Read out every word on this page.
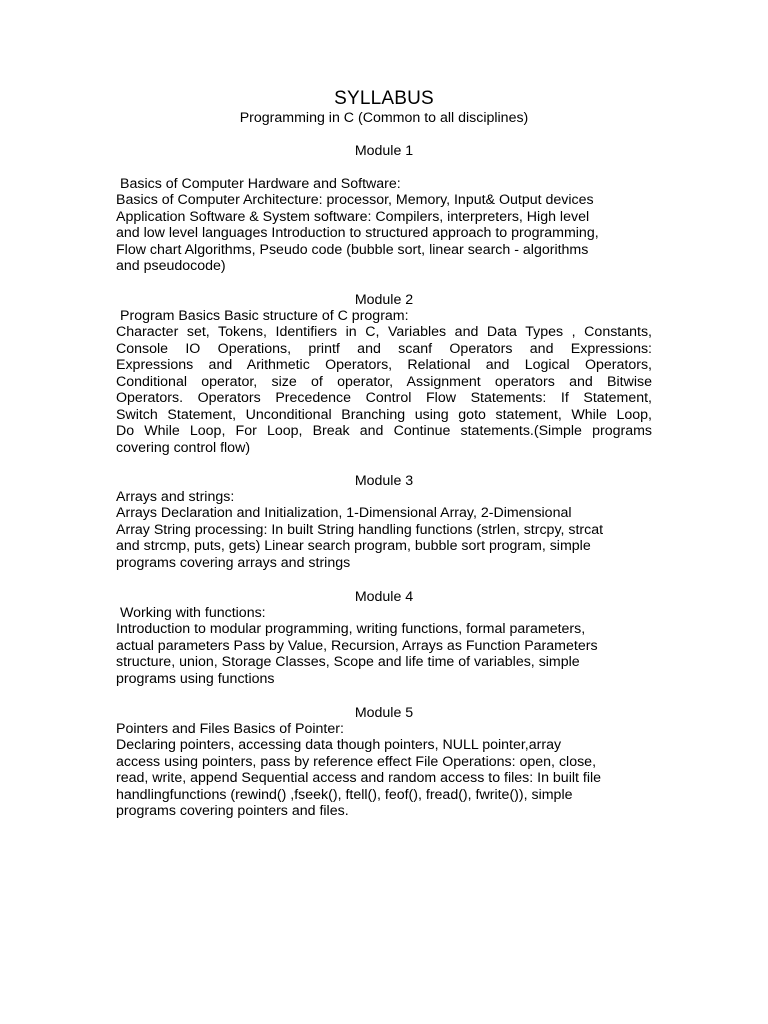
SYLLABUS

Programming in C (Common to all disciplines)

Module 1

Basics of Computer Hardware and Software:

Basics of Computer Architecture: processor, Memory, Input& Output devices
Application Software & System software: Compilers, interpreters, High level
and low level languages Introduction to structured approach to programming,
Flow chart Algorithms, Pseudo code (bubble sort, linear search - algorithms
and pseudocode)

Module 2

Program Basics Basic structure of C program:

Character set, Tokens, Identifiers in C, Variables and Data Types , Constants,
Console IO Operations, printf and scanf Operators and Expressions:
Expressions and Arithmetic Operators, Relational and Logical Operators,
Conditional operator, size of operator, Assignment operators and Bitwise
Operators. Operators Precedence Control Flow Statements: If Statement,
Switch Statement, Unconditional Branching using goto statement, While Loop,
Do While Loop, For Loop, Break and Continue statements.(Simple programs
covering control flow)

Module 3

Arrays and strings:

Arrays Declaration and Initialization, 1-Dimensional Array, 2-Dimensional
Array String processing: In built String handling functions (strlen, strcpy, strcat
and strcmp, puts, gets) Linear search program, bubble sort program, simple
programs covering arrays and strings

Module 4

Working with functions:

Introduction to modular programming, writing functions, formal parameters,
actual parameters Pass by Value, Recursion, Arrays as Function Parameters
structure, union, Storage Classes, Scope and life time of variables, simple
programs using functions

Module 5

Pointers and Files Basics of Pointer:

Declaring pointers, accessing data though pointers, NULL pointer,array
access using pointers, pass by reference effect File Operations: open, close,
read, write, append Sequential access and random access to files: In built file
handlingfunctions (rewind() ,fseek(), ftell(), feof(), fread(), fwrite()), simple
programs covering pointers and files.
